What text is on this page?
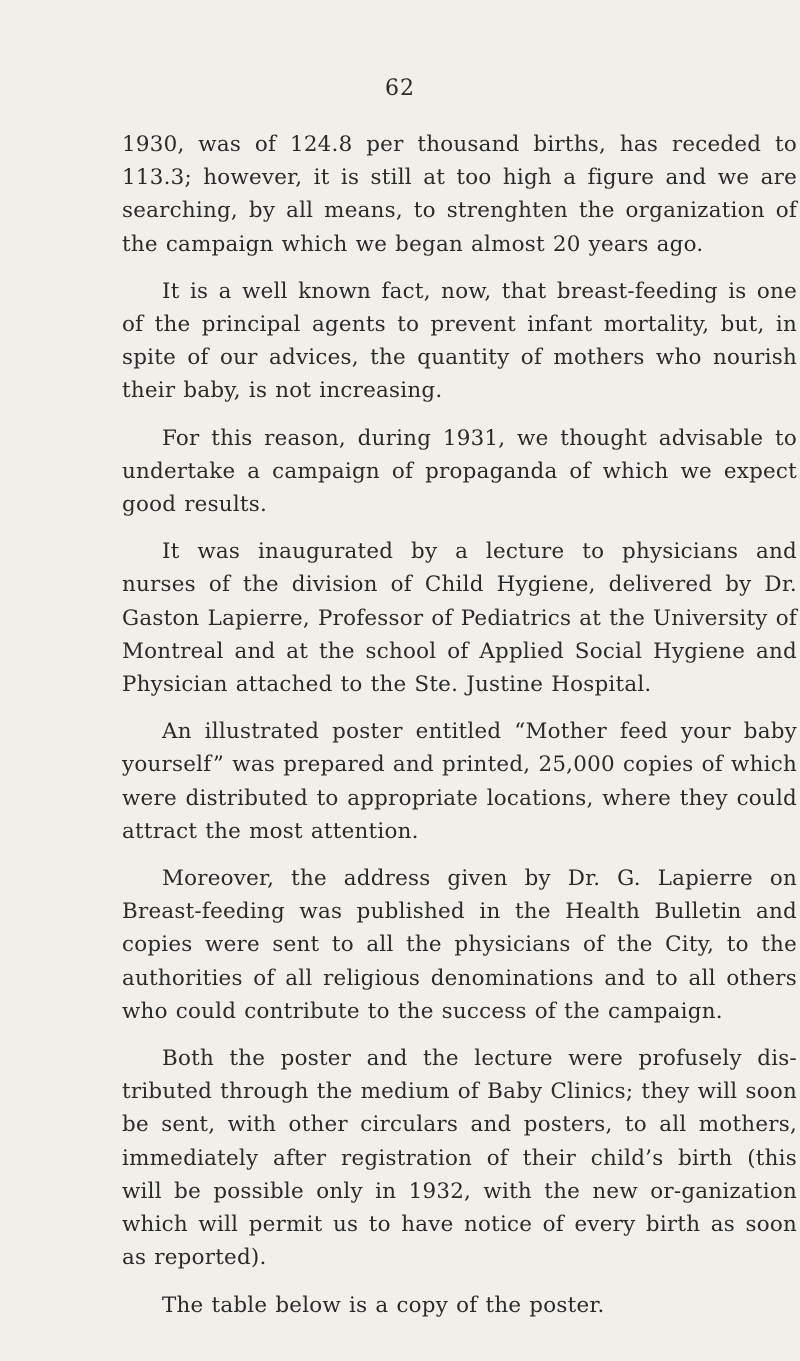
62

1930, was of 124.8 per thousand births, has receded to 113.3; however, it is still at too high a figure and we are searching, by all means, to strenghten the organization of the campaign which we began almost 20 years ago.

It is a well known fact, now, that breast-feeding is one of the principal agents to prevent infant mortality, but, in spite of our advices, the quantity of mothers who nourish their baby, is not increasing.

For this reason, during 1931, we thought advisable to undertake a campaign of propaganda of which we expect good results.

It was inaugurated by a lecture to physicians and nurses of the division of Child Hygiene, delivered by Dr. Gaston Lapierre, Professor of Pediatrics at the University of Montreal and at the school of Applied Social Hygiene and Physician attached to the Ste. Justine Hospital.

An illustrated poster entitled “Mother feed your baby yourself” was prepared and printed, 25,000 copies of which were distributed to appropriate locations, where they could attract the most attention.

Moreover, the address given by Dr. G. Lapierre on Breast-feeding was published in the Health Bulletin and copies were sent to all the physicians of the City, to the authorities of all religious denominations and to all others who could contribute to the success of the campaign.

Both the poster and the lecture were profusely dis-tributed through the medium of Baby Clinics; they will soon be sent, with other circulars and posters, to all mothers, immediately after registration of their child’s birth (this will be possible only in 1932, with the new or-ganization which will permit us to have notice of every birth as soon as reported).

The table below is a copy of the poster.
